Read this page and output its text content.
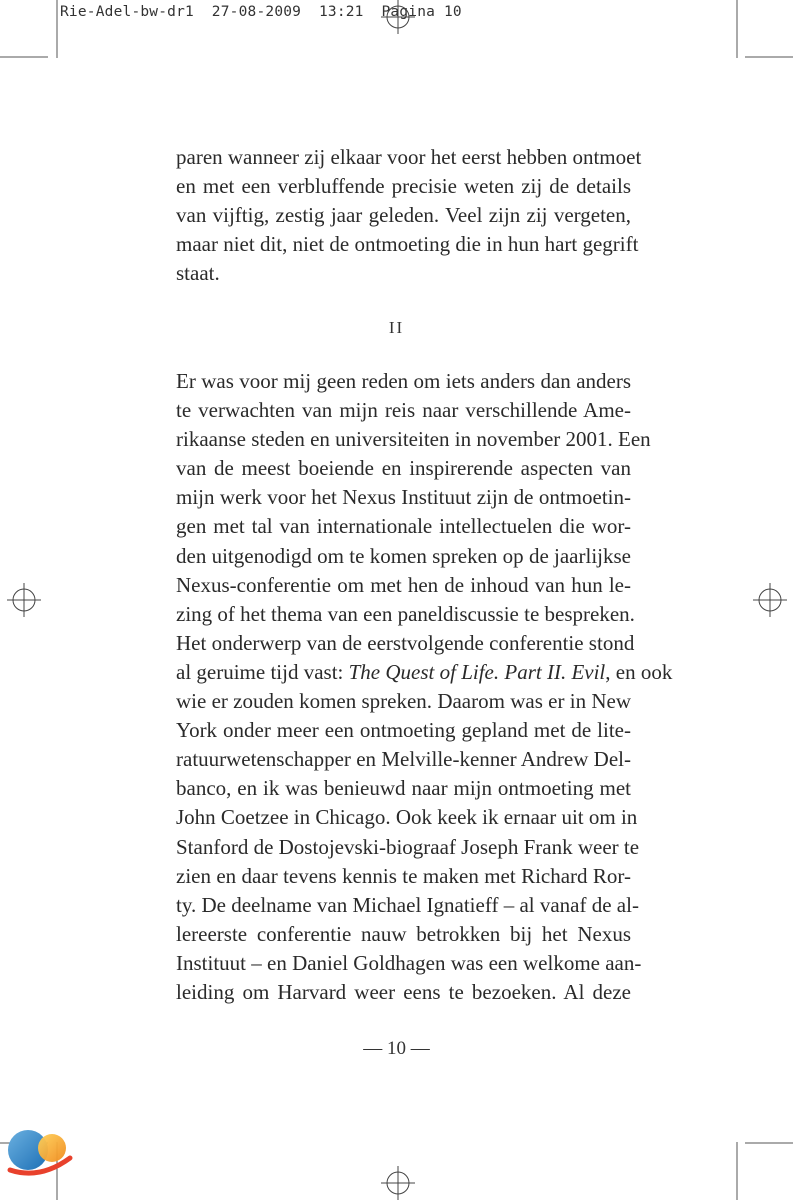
Rie-Adel-bw-dr1  27-08-2009  13:21  Pagina 10
paren wanneer zij elkaar voor het eerst hebben ontmoet
en met een verbluffende precisie weten zij de details
van vijftig, zestig jaar geleden. Veel zijn zij vergeten,
maar niet dit, niet de ontmoeting die in hun hart gegrift
staat.
II
Er was voor mij geen reden om iets anders dan anders
te verwachten van mijn reis naar verschillende Ame-
rikaanse steden en universiteiten in november 2001. Een
van de meest boeiende en inspirerende aspecten van
mijn werk voor het Nexus Instituut zijn de ontmoetin-
gen met tal van internationale intellectuelen die wor-
den uitgenodigd om te komen spreken op de jaarlijkse
Nexus-conferentie om met hen de inhoud van hun le-
zing of het thema van een paneldiscussie te bespreken.
Het onderwerp van de eerstvolgende conferentie stond
al geruime tijd vast: The Quest of Life. Part II. Evil, en ook
wie er zouden komen spreken. Daarom was er in New
York onder meer een ontmoeting gepland met de lite-
ratuurwetenschapper en Melville-kenner Andrew Del-
banco, en ik was benieuwd naar mijn ontmoeting met
John Coetzee in Chicago. Ook keek ik ernaar uit om in
Stanford de Dostojevski-biograaf Joseph Frank weer te
zien en daar tevens kennis te maken met Richard Ror-
ty. De deelname van Michael Ignatieff – al vanaf de al-
lereerste conferentie nauw betrokken bij het Nexus
Instituut – en Daniel Goldhagen was een welkome aan-
leiding om Harvard weer eens te bezoeken. Al deze
— 10 —
